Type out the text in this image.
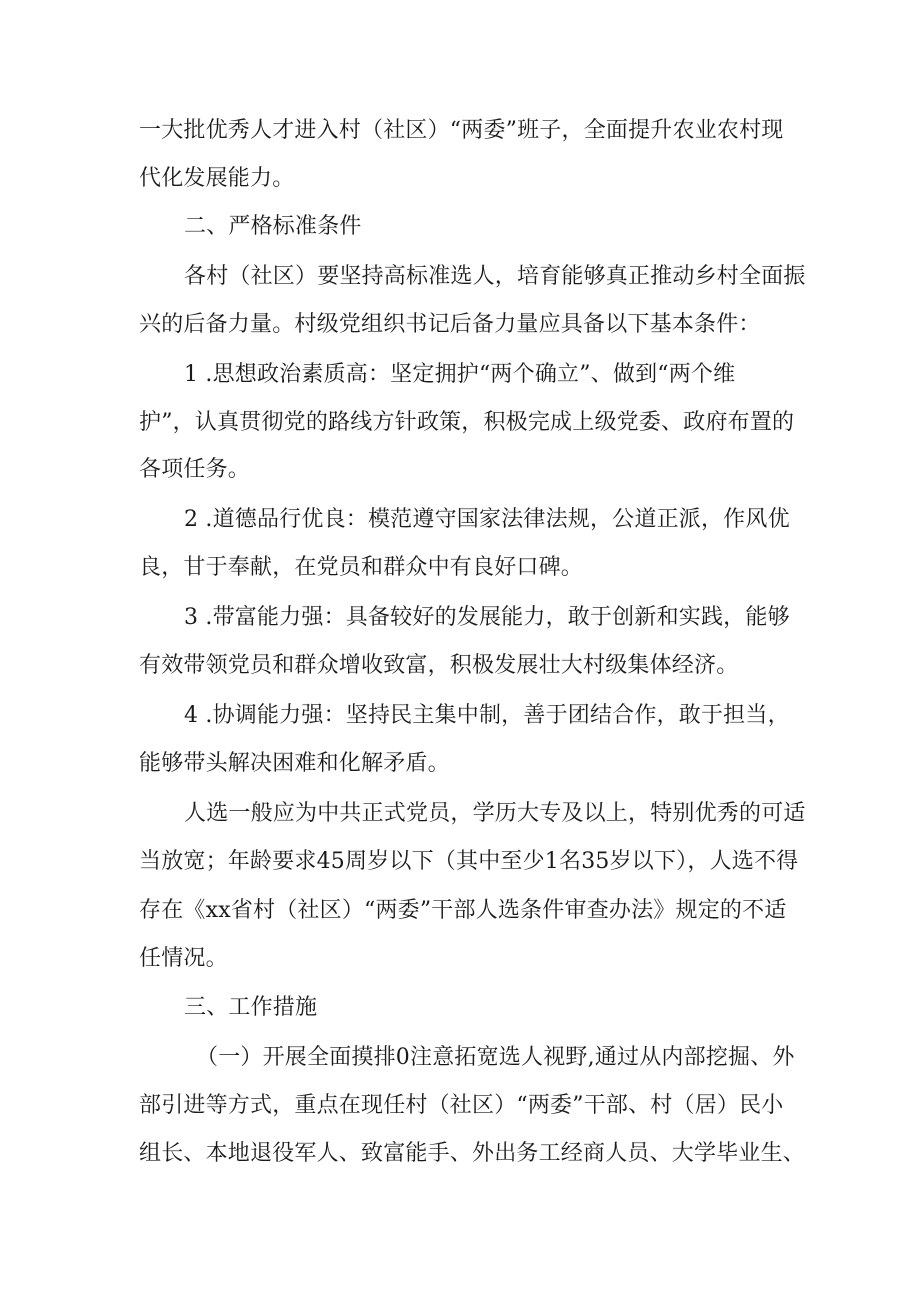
一大批优秀人才进入村（社区）“两委”班子，全面提升农业农村现
代化发展能力。
二、严格标准条件
各村（社区）要坚持高标准选人，培育能够真正推动乡村全面振
兴的后备力量。村级党组织书记后备力量应具备以下基本条件：
1 .思想政治素质高：坚定拥护“两个确立”、做到“两个维
护”，认真贯彻党的路线方针政策，积极完成上级党委、政府布置的
各项任务。
2 .道德品行优良：模范遵守国家法律法规，公道正派，作风优
良，甘于奉献，在党员和群众中有良好口碑。
3 .带富能力强：具备较好的发展能力，敢于创新和实践，能够
有效带领党员和群众增收致富，积极发展壮大村级集体经济。
4 .协调能力强：坚持民主集中制，善于团结合作，敢于担当，
能够带头解决困难和化解矛盾。
人选一般应为中共正式党员，学历大专及以上，特别优秀的可适
当放宽；年龄要求45周岁以下（其中至少1名35岁以下），人选不得
存在《xx省村（社区）“两委”干部人选条件审查办法》规定的不适
任情况。
三、工作措施
（一）开展全面摸排0注意拓宽选人视野,通过从内部挖掘、外
部引进等方式，重点在现任村（社区）“两委”干部、村（居）民小
组长、本地退役军人、致富能手、外出务工经商人员、大学毕业生、
